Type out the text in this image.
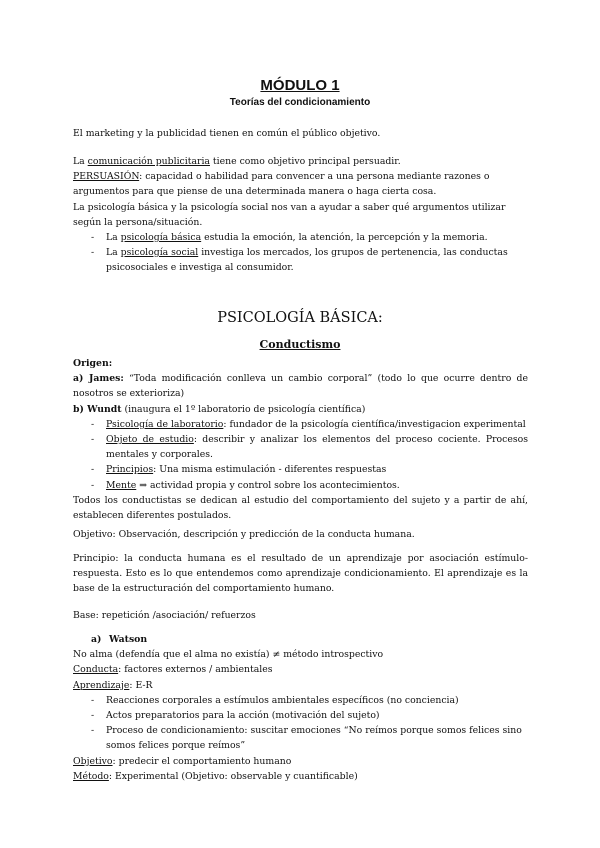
MÓDULO 1
Teorías del condicionamiento

El marketing y la publicidad tienen en común el público objetivo.

La comunicación publicitaria tiene como objetivo principal persuadir.

PERSUASIÓN: capacidad o habilidad para convencer a una persona mediante razones o argumentos para que piense de una determinada manera o haga cierta cosa.

La psicología básica y la psicología social nos van a ayudar a saber qué argumentos utilizar según la persona/situación.

- La psicología básica estudia la emoción, la atención, la percepción y la memoria.
- La psicología social investiga los mercados, los grupos de pertenencia, las conductas psicosociales e investiga al consumidor.
PSICOLOGÍA BÁSICA:
Conductismo

Origen:

a) James: “Toda modificación conlleva un cambio corporal” (todo lo que ocurre dentro de nosotros se exterioriza)

b) Wundt (inaugura el 1º laboratorio de psicología científica)

- Psicología de laboratorio: fundador de la psicología científica/investigacion experimental
- Objeto de estudio: describir y analizar los elementos del proceso cociente. Procesos mentales y corporales.
- Principios: Una misma estimulación - diferentes respuestas
- Mente ⇒ actividad propia y control sobre los acontecimientos.

Todos los conductistas se dedican al estudio del comportamiento del sujeto y a partir de ahí, establecen diferentes postulados.

Objetivo: Observación, descripción y predicción de la conducta humana.

Principio: la conducta humana es el resultado de un aprendizaje por asociación estímulo-respuesta. Esto es lo que entendemos como aprendizaje condicionamiento. El aprendizaje es la base de la estructuración del comportamiento humano.

Base: repetición /asociación/ refuerzos

a) Watson

No alma (defendía que el alma no existía) ≠ método introspectivo

Conducta: factores externos / ambientales

Aprendizaje: E-R

- Reacciones corporales a estímulos ambientales específicos (no conciencia)
- Actos preparatorios para la acción (motivación del sujeto)
- Proceso de condicionamiento: suscitar emociones “No reímos porque somos felices sino somos felices porque reímos”

Objetivo: predecir el comportamiento humano

Método: Experimental (Objetivo: observable y cuantificable)
